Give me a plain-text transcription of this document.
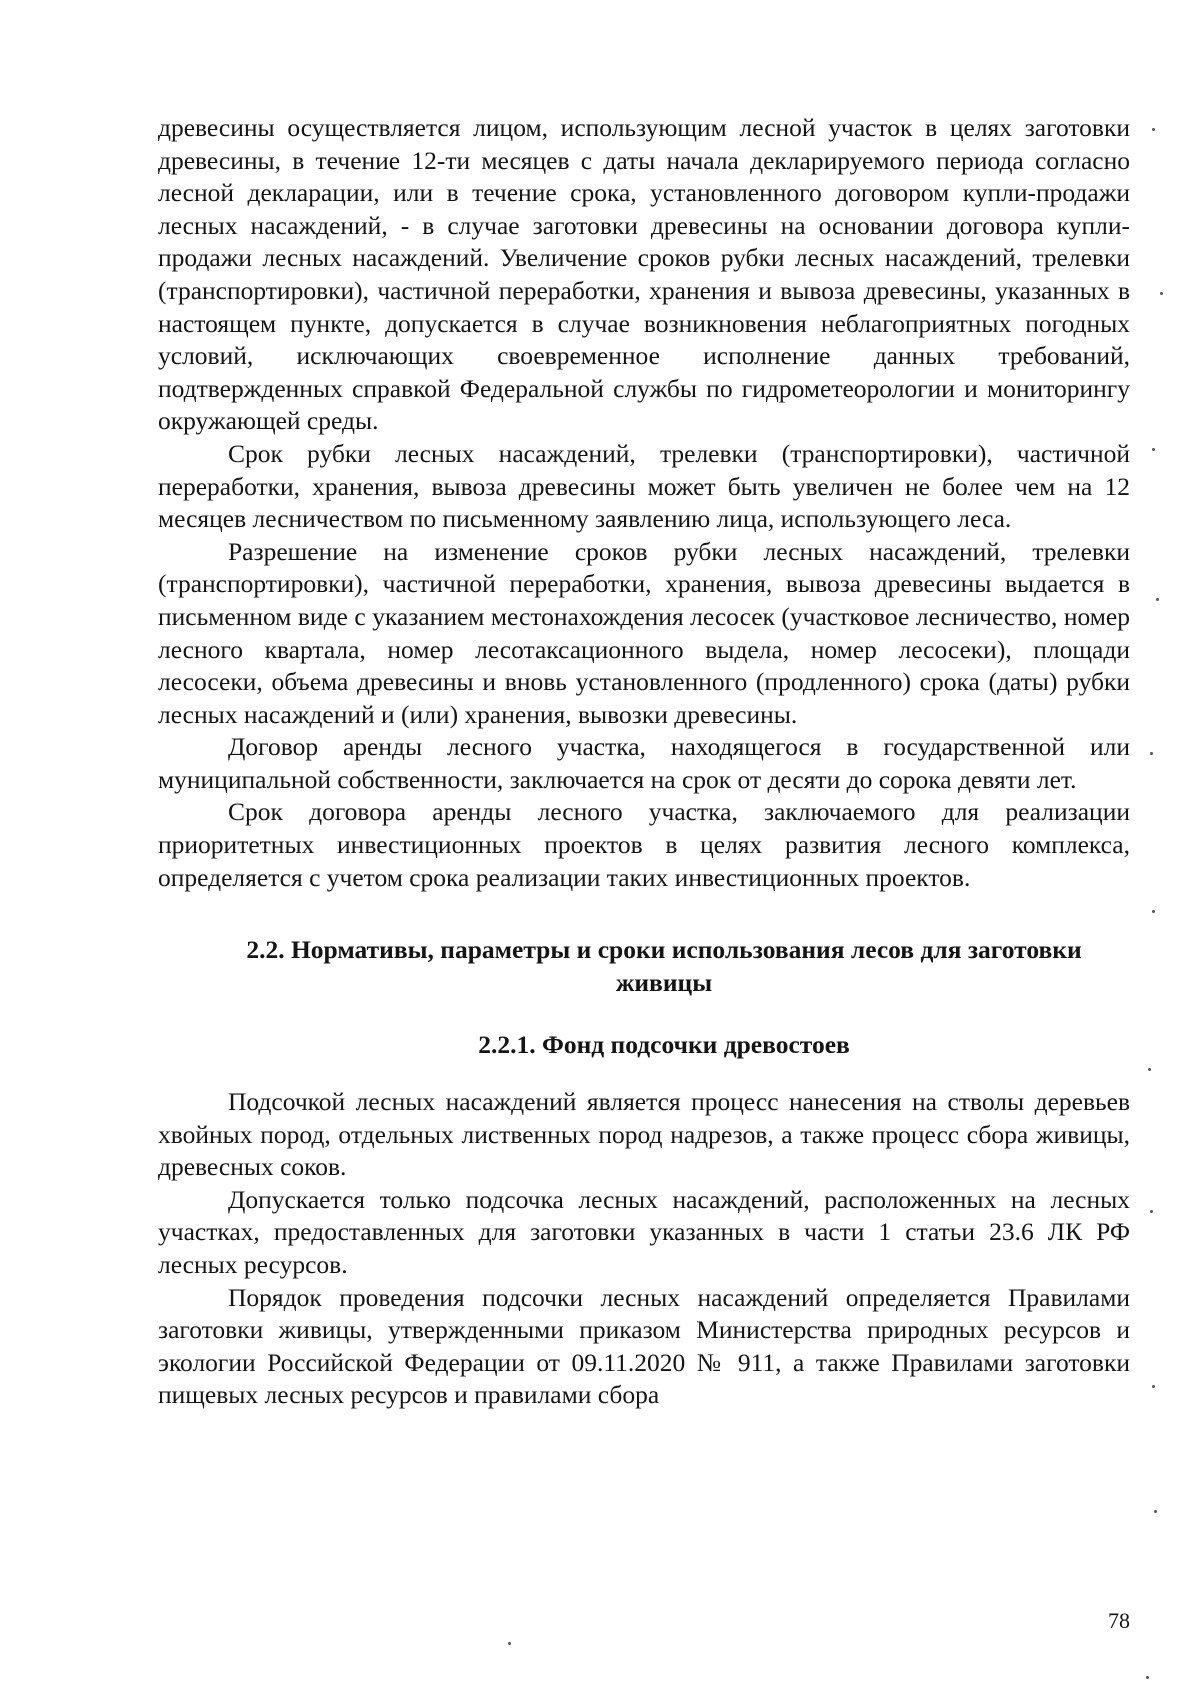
древесины осуществляется лицом, использующим лесной участок в целях заготовки древесины, в течение 12-ти месяцев с даты начала декларируемого периода согласно лесной декларации, или в течение срока, установленного договором купли-продажи лесных насаждений, - в случае заготовки древесины на основании договора купли-продажи лесных насаждений. Увеличение сроков рубки лесных насаждений, трелевки (транспортировки), частичной переработки, хранения и вывоза древесины, указанных в настоящем пункте, допускается в случае возникновения неблагоприятных погодных условий, исключающих своевременное исполнение данных требований, подтвержденных справкой Федеральной службы по гидрометеорологии и мониторингу окружающей среды.

Срок рубки лесных насаждений, трелевки (транспортировки), частичной переработки, хранения, вывоза древесины может быть увеличен не более чем на 12 месяцев лесничеством по письменному заявлению лица, использующего леса.

Разрешение на изменение сроков рубки лесных насаждений, трелевки (транспортировки), частичной переработки, хранения, вывоза древесины выдается в письменном виде с указанием местонахождения лесосек (участковое лесничество, номер лесного квартала, номер лесотаксационного выдела, номер лесосеки), площади лесосеки, объема древесины и вновь установленного (продленного) срока (даты) рубки лесных насаждений и (или) хранения, вывозки древесины.

Договор аренды лесного участка, находящегося в государственной или муниципальной собственности, заключается на срок от десяти до сорока девяти лет.

Срок договора аренды лесного участка, заключаемого для реализации приоритетных инвестиционных проектов в целях развития лесного комплекса, определяется с учетом срока реализации таких инвестиционных проектов.

2.2. Нормативы, параметры и сроки использования лесов для заготовки живицы
2.2.1. Фонд подсочки древостоев

Подсочкой лесных насаждений является процесс нанесения на стволы деревьев хвойных пород, отдельных лиственных пород надрезов, а также процесс сбора живицы, древесных соков.

Допускается только подсочка лесных насаждений, расположенных на лесных участках, предоставленных для заготовки указанных в части 1 статьи 23.6 ЛК РФ лесных ресурсов.

Порядок проведения подсочки лесных насаждений определяется Правилами заготовки живицы, утвержденными приказом Министерства природных ресурсов и экологии Российской Федерации от 09.11.2020 № 911, а также Правилами заготовки пищевых лесных ресурсов и правилами сбора

78
